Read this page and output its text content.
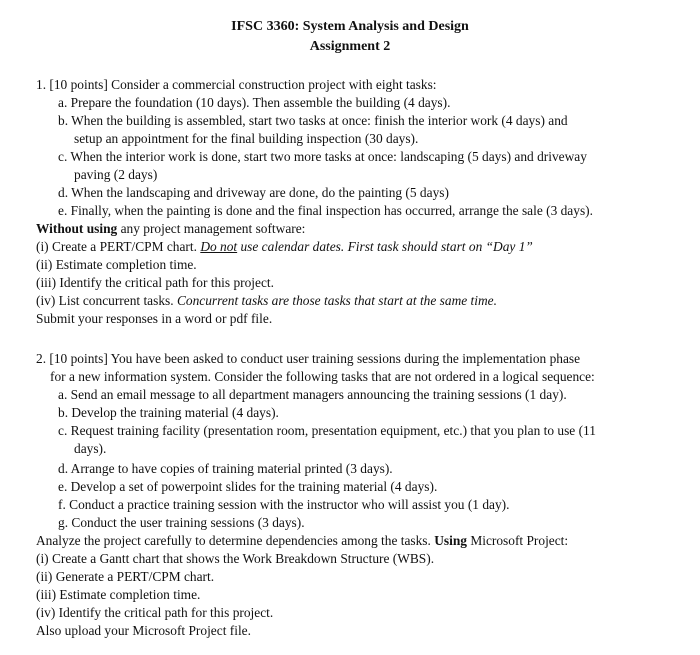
IFSC 3360: System Analysis and Design
Assignment 2
1. [10 points] Consider a commercial construction project with eight tasks:
a. Prepare the foundation (10 days). Then assemble the building (4 days).
b. When the building is assembled, start two tasks at once: finish the interior work (4 days) and
setup an appointment for the final building inspection (30 days).
c. When the interior work is done, start two more tasks at once: landscaping (5 days) and driveway
paving (2 days)
d. When the landscaping and driveway are done, do the painting (5 days)
e. Finally, when the painting is done and the final inspection has occurred, arrange the sale (3 days).
Without using any project management software:
(i) Create a PERT/CPM chart. Do not use calendar dates. First task should start on “Day 1”
(ii) Estimate completion time.
(iii) Identify the critical path for this project.
(iv) List concurrent tasks. Concurrent tasks are those tasks that start at the same time.
Submit your responses in a word or pdf file.
2. [10 points] You have been asked to conduct user training sessions during the implementation phase
for a new information system. Consider the following tasks that are not ordered in a logical sequence:
a. Send an email message to all department managers announcing the training sessions (1 day).
b. Develop the training material (4 days).
c. Request training facility (presentation room, presentation equipment, etc.) that you plan to use (11
days).
d. Arrange to have copies of training material printed (3 days).
e. Develop a set of powerpoint slides for the training material (4 days).
f. Conduct a practice training session with the instructor who will assist you (1 day).
g. Conduct the user training sessions (3 days).
Analyze the project carefully to determine dependencies among the tasks. Using Microsoft Project:
(i) Create a Gantt chart that shows the Work Breakdown Structure (WBS).
(ii) Generate a PERT/CPM chart.
(iii) Estimate completion time.
(iv) Identify the critical path for this project.
Also upload your Microsoft Project file.
